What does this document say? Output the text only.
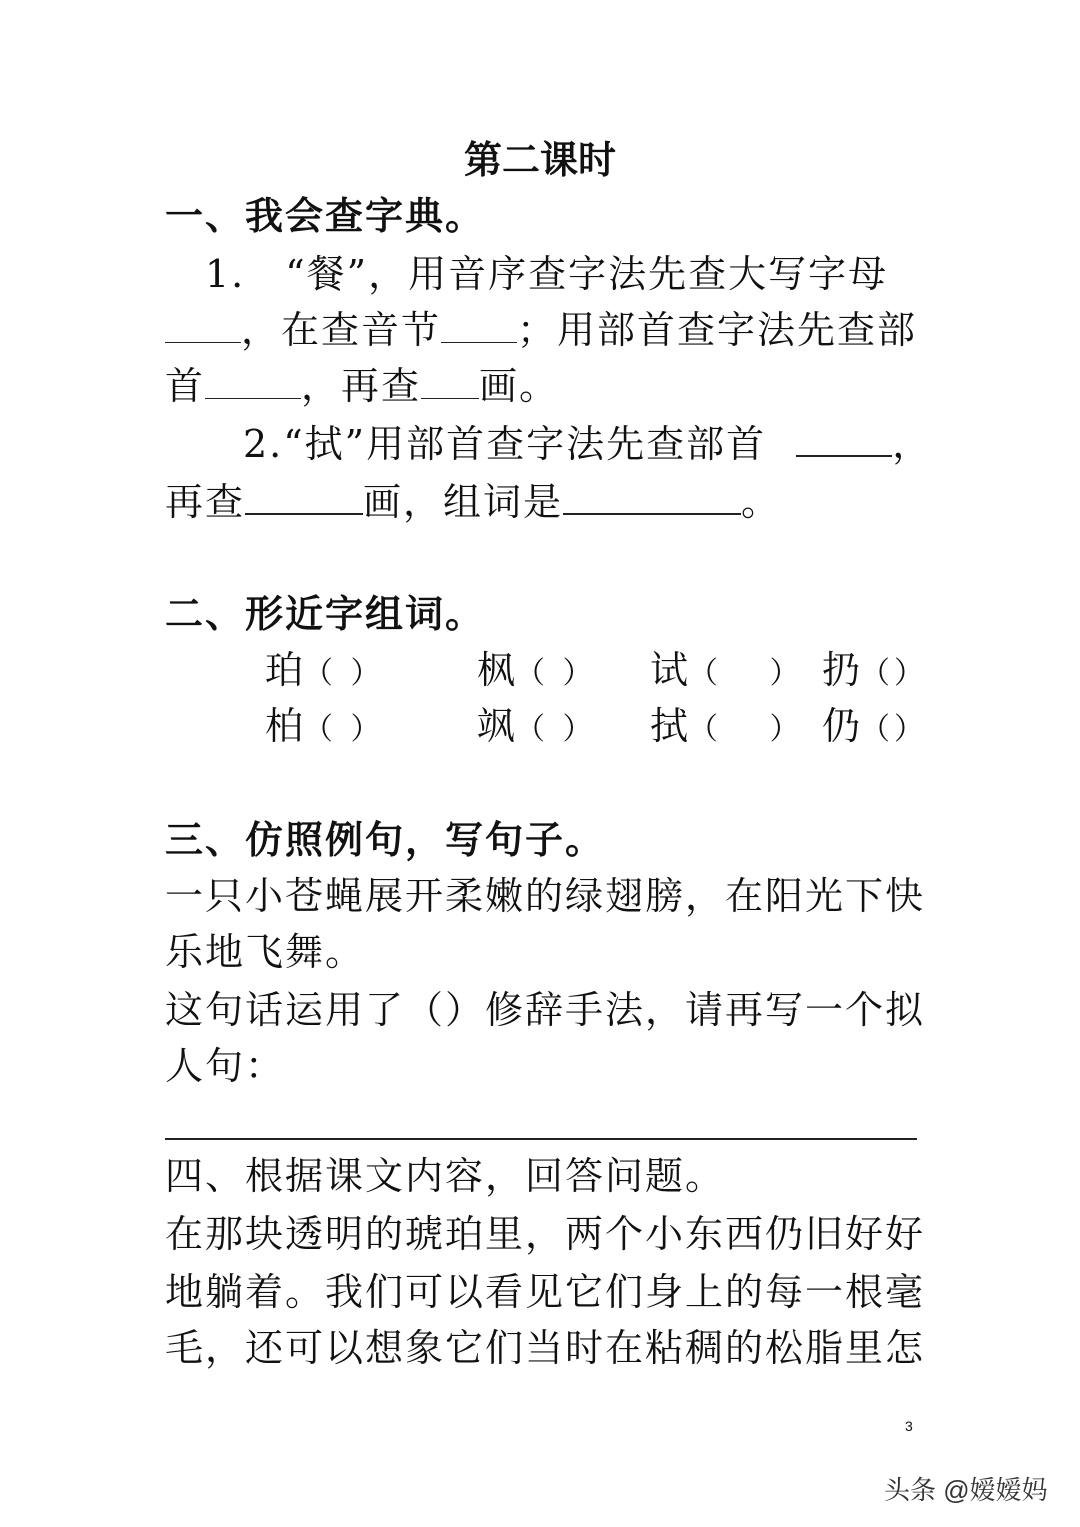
第二课时
一、我会查字典。
1.　“餐”，用音序查字法先查大写字母
，在查音节 ；用部首查字法先查部
首	，再查 画。
2.“拭”用部首查字法先查部首	，
再查	画，组词是	。
二、形近字组词。
珀（ ） 枫（ ） 试（　 ） 扔（）
柏（ ） 飒（ ） 拭（　 ） 仍（）
三、仿照例句，写句子。
一只小苍蝇展开柔嫩的绿翅膀，在阳光下快
乐地飞舞。
这句话运用了（）修辞手法，请再写一个拟
人句：
四、根据课文内容，回答问题。
在那块透明的琥珀里，两个小东西仍旧好好
地躺着。我们可以看见它们身上的每一根毫
毛，还可以想象它们当时在粘稠的松脂里怎
3
头条 @嫒嫒妈
